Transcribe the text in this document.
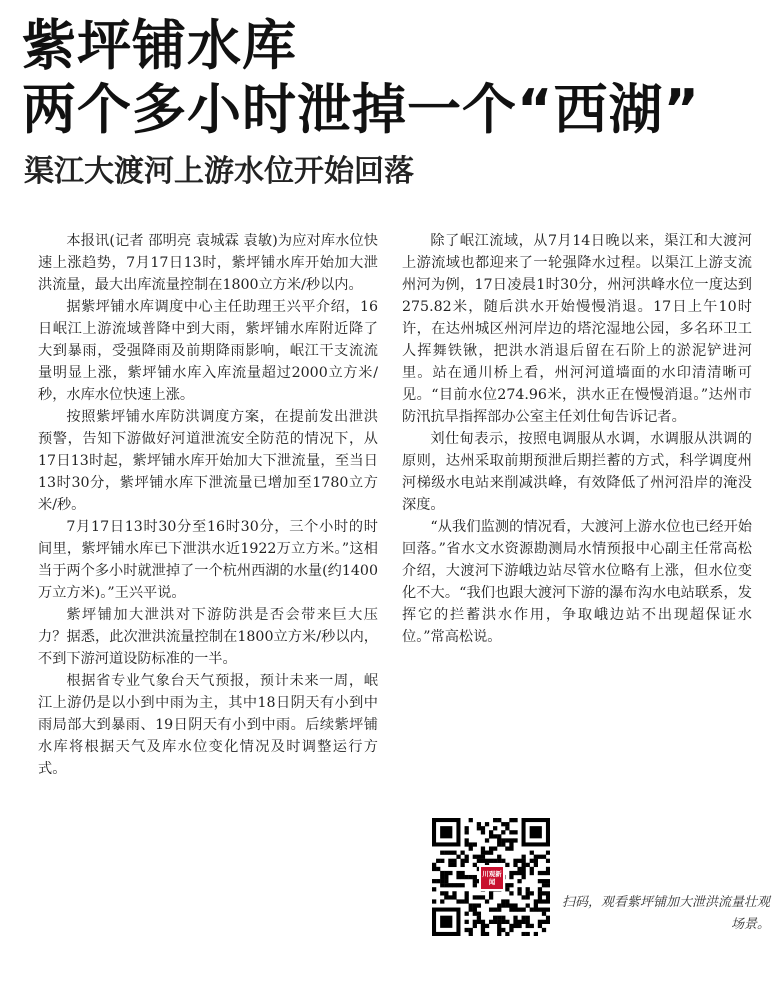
紫坪铺水库
两个多小时泄掉一个“西湖”
渠江大渡河上游水位开始回落

本报讯(记者 邵明亮 袁城霖 袁敏)为应对库水位快速上涨趋势，7月17日13时，紫坪铺水库开始加大泄洪流量，最大出库流量控制在1800立方米/秒以内。

据紫坪铺水库调度中心主任助理王兴平介绍，16日岷江上游流域普降中到大雨，紫坪铺水库附近降了大到暴雨，受强降雨及前期降雨影响，岷江干支流流量明显上涨，紫坪铺水库入库流量超过2000立方米/秒，水库水位快速上涨。

按照紫坪铺水库防洪调度方案，在提前发出泄洪预警，告知下游做好河道泄流安全防范的情况下，从17日13时起，紫坪铺水库开始加大下泄流量，至当日13时30分，紫坪铺水库下泄流量已增加至1780立方米/秒。

7月17日13时30分至16时30分，三个小时的时间里，紫坪铺水库已下泄洪水近1922万立方米。”这相当于两个多小时就泄掉了一个杭州西湖的水量(约1400万立方米)。”王兴平说。

紫坪铺加大泄洪对下游防洪是否会带来巨大压力？据悉，此次泄洪流量控制在1800立方米/秒以内，不到下游河道设防标准的一半。

根据省专业气象台天气预报，预计未来一周，岷江上游仍是以小到中雨为主，其中18日阴天有小到中雨局部大到暴雨、19日阴天有小到中雨。后续紫坪铺水库将根据天气及库水位变化情况及时调整运行方式。

除了岷江流域，从7月14日晚以来，渠江和大渡河上游流域也都迎来了一轮强降水过程。以渠江上游支流州河为例，17日凌晨1时30分，州河洪峰水位一度达到275.82米，随后洪水开始慢慢消退。17日上午10时许，在达州城区州河岸边的塔沱湿地公园，多名环卫工人挥舞铁锹，把洪水消退后留在石阶上的淤泥铲进河里。站在通川桥上看，州河河道墙面的水印清清晰可见。“目前水位274.96米，洪水正在慢慢消退。”达州市防汛抗旱指挥部办公室主任刘仕甸告诉记者。

刘仕甸表示，按照电调服从水调，水调服从洪调的原则，达州采取前期预泄后期拦蓄的方式，科学调度州河梯级水电站来削减洪峰，有效降低了州河沿岸的淹没深度。

“从我们监测的情况看，大渡河上游水位也已经开始回落。”省水文水资源勘测局水情预报中心副主任常高松介绍，大渡河下游峨边站尽管水位略有上涨，但水位变化不大。“我们也跟大渡河下游的瀑布沟水电站联系，发挥它的拦蓄洪水作用，争取峨边站不出现超保证水位。”常高松说。

川观新闻
扫码，观看紫坪铺加大泄洪流量壮观场景。
